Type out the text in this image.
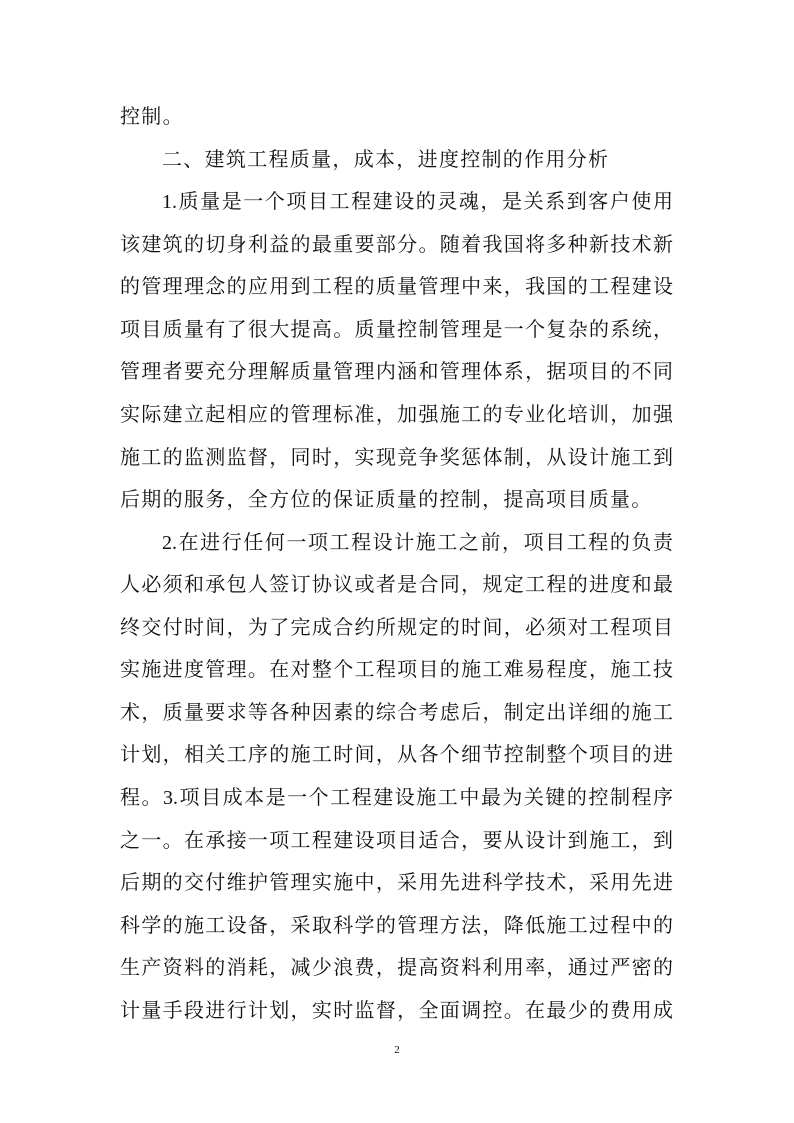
控制。
二、建筑工程质量，成本，进度控制的作用分析
1.质量是一个项目工程建设的灵魂，是关系到客户使用
该建筑的切身利益的最重要部分。随着我国将多种新技术新
的管理理念的应用到工程的质量管理中来，我国的工程建设
项目质量有了很大提高。质量控制管理是一个复杂的系统，
管理者要充分理解质量管理内涵和管理体系，据项目的不同
实际建立起相应的管理标准，加强施工的专业化培训，加强
施工的监测监督，同时，实现竞争奖惩体制，从设计施工到
后期的服务，全方位的保证质量的控制，提高项目质量。
2.在进行任何一项工程设计施工之前，项目工程的负责
人必须和承包人签订协议或者是合同，规定工程的进度和最
终交付时间，为了完成合约所规定的时间，必须对工程项目
实施进度管理。在对整个工程项目的施工难易程度，施工技
术，质量要求等各种因素的综合考虑后，制定出详细的施工
计划，相关工序的施工时间，从各个细节控制整个项目的进
程。3.项目成本是一个工程建设施工中最为关键的控制程序
之一。在承接一项工程建设项目适合，要从设计到施工，到
后期的交付维护管理实施中，采用先进科学技术，采用先进
科学的施工设备，采取科学的管理方法，降低施工过程中的
生产资料的消耗，减少浪费，提高资料利用率，通过严密的
计量手段进行计划，实时监督，全面调控。在最少的费用成
2
